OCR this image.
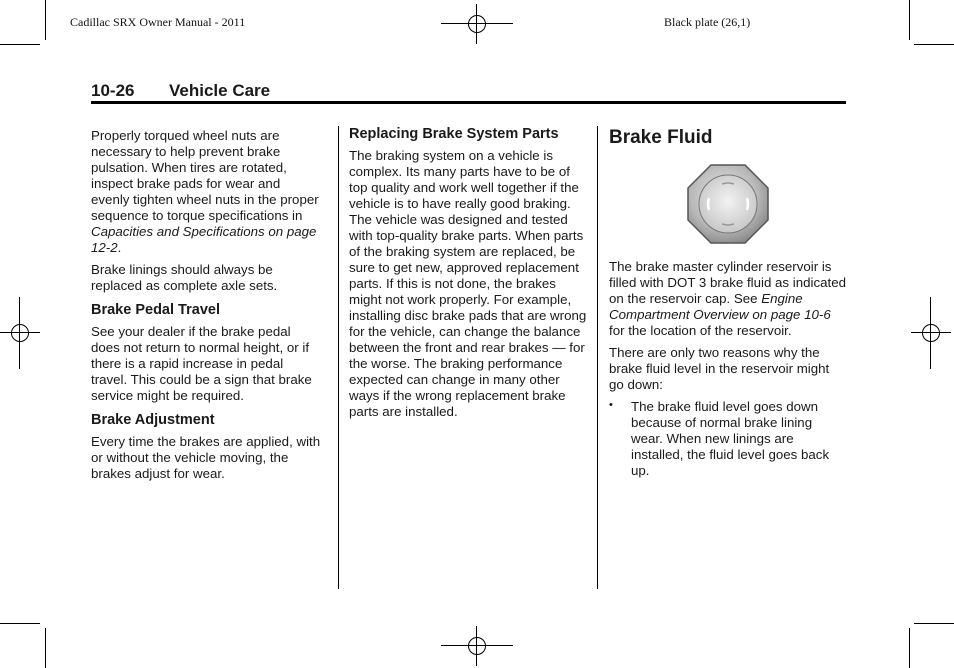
Cadillac SRX Owner Manual - 2011	Black plate (26,1)
10-26 Vehicle Care

Properly torqued wheel nuts are necessary to help prevent brake pulsation. When tires are rotated, inspect brake pads for wear and evenly tighten wheel nuts in the proper sequence to torque specifications in Capacities and Specifications on page 12-2.

Brake linings should always be replaced as complete axle sets.

Brake Pedal Travel

See your dealer if the brake pedal does not return to normal height, or if there is a rapid increase in pedal travel. This could be a sign that brake service might be required.

Brake Adjustment

Every time the brakes are applied, with or without the vehicle moving, the brakes adjust for wear.

Replacing Brake System Parts

The braking system on a vehicle is complex. Its many parts have to be of top quality and work well together if the vehicle is to have really good braking. The vehicle was designed and tested with top-quality brake parts. When parts of the braking system are replaced, be sure to get new, approved replacement parts. If this is not done, the brakes might not work properly. For example, installing disc brake pads that are wrong for the vehicle, can change the balance between the front and rear brakes — for the worse. The braking performance expected can change in many other ways if the wrong replacement brake parts are installed.

Brake Fluid

The brake master cylinder reservoir is filled with DOT 3 brake fluid as indicated on the reservoir cap. See Engine Compartment Overview on page 10-6 for the location of the reservoir.

There are only two reasons why the brake fluid level in the reservoir might go down:

• The brake fluid level goes down because of normal brake lining wear. When new linings are installed, the fluid level goes back up.
